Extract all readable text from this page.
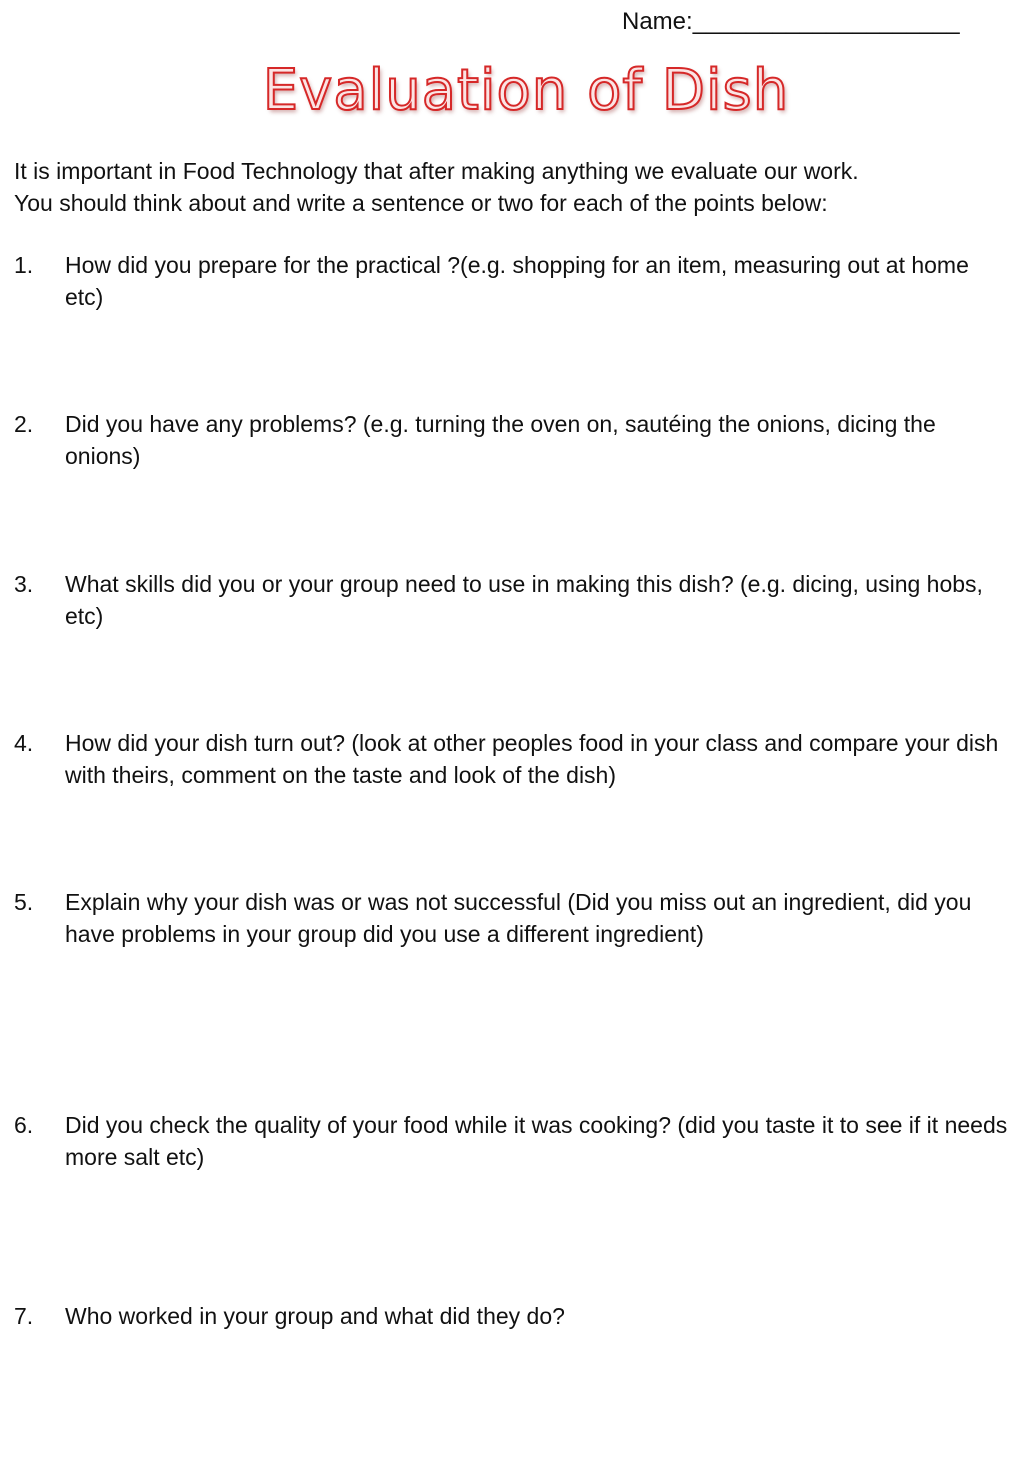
Name:____________________
Evaluation of Dish
It is important in Food Technology that after making anything we evaluate our work.
You should think about and write a sentence or two for each of the points below:
1. How did you prepare for the practical ?(e.g. shopping for an item, measuring out at home etc)
2. Did you have any problems? (e.g. turning the oven on, sautéing the onions, dicing the onions)
3. What skills did you or your group need to use in making this dish? (e.g. dicing, using hobs, etc)
4. How did your dish turn out? (look at other peoples food in your class and compare your dish with theirs, comment on the taste and look of the dish)
5. Explain why your dish was or was not successful (Did you miss out an ingredient, did you have problems in your group did you use a different ingredient)
6. Did you check the quality of your food while it was cooking? (did you taste it to see if it needs more salt etc)
7. Who worked in your group and what did they do?
